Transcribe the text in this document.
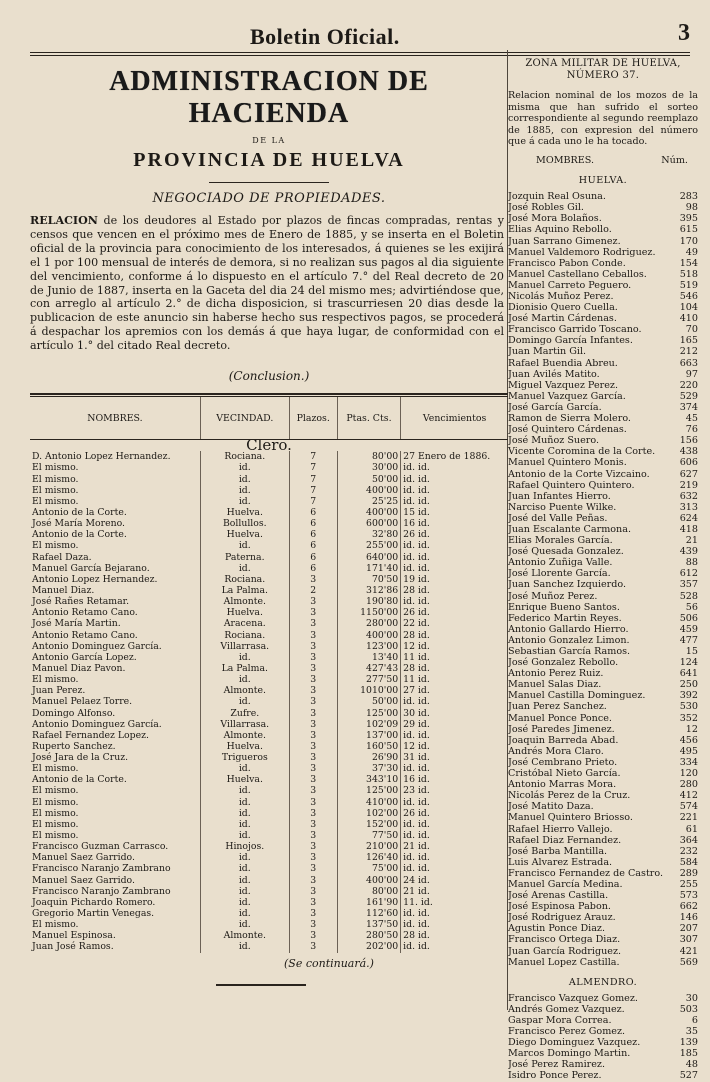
Boletin Oficial.	3
ADMINISTRACION DE HACIENDA
DE LA
PROVINCIA DE HUELVA
NEGOCIADO DE PROPIEDADES.
RELACION de los deudores al Estado por plazos de fincas compradas, rentas y censos que vencen en el próximo mes de Enero de 1885, y se inserta en el Boletin oficial de la provincia para conocimiento de los interesados, á quienes se les exijirá el 1 por 100 mensual de interés de demora, si no realizan sus pagos al dia siguiente del vencimiento, conforme á lo dispuesto en el artículo 7.° del Real decreto de 20 de Junio de 1887, inserta en la Gaceta del dia 24 del mismo mes; advirtiéndose que, con arreglo al artículo 2.° de dicha disposicion, si trascurriesen 20 dias desde la publicacion de este anuncio sin haberse hecho sus respectivos pagos, se procederá á despachar los apremios con los demás á que haya lugar, de conformidad con el artículo 1.° del citado Real decreto.
(Conclusion.)
NOMBRES.	VECINDAD.	Plazos.	Ptas. Cts.	Vencimientos
Clero.				
D. Antonio Lopez Hernandez.	Rociana.	7	80'00	27 Enero de 1886.
El mismo.	id.	7	30'00	id. id.
El mismo.	id.	7	50'00	id. id.
El mismo.	id.	7	400'00	id. id.
El mismo.	id.	7	25'25	id. id.
Antonio de la Corte.	Huelva.	6	400'00	15 id.
José María Moreno.	Bollullos.	6	600'00	16 id.
Antonio de la Corte.	Huelva.	6	32'80	26 id.
El mismo.	id.	6	255'00	id. id.
Rafael Daza.	Paterna.	6	640'00	id. id.
Manuel García Bejarano.	id.	6	171'40	id. id.
Antonio Lopez Hernandez.	Rociana.	3	70'50	19 id.
Manuel Diaz.	La Palma.	2	312'86	28 id.
José Rañes Retamar.	Almonte.	3	190'80	id. id.
Antonio Retamo Cano.	Huelva.	3	1150'00	26 id.
José María Martin.	Aracena.	3	280'00	22 id.
Antonio Retamo Cano.	Rociana.	3	400'00	28 id.
Antonio Dominguez García.	Villarrasa.	3	123'00	12 id.
Antonio García Lopez.	id.	3	13'40	11 id.
Manuel Diaz Pavon.	La Palma.	3	427'43	28 id.
El mismo.	id.	3	277'50	11 id.
Juan Perez.	Almonte.	3	1010'00	27 id.
Manuel Pelaez Torre.	id.	3	50'00	id. id.
Domingo Alfonso.	Zufre.	3	125'00	30 id.
Antonio Dominguez García.	Villarrasa.	3	102'09	29 id.
Rafael Fernandez Lopez.	Almonte.	3	137'00	id. id.
Ruperto Sanchez.	Huelva.	3	160'50	12 id.
José Jara de la Cruz.	Trigueros	3	26'90	31 id.
El mismo.	id.	3	37'30	id. id.
Antonio de la Corte.	Huelva.	3	343'10	16 id.
El mismo.	id.	3	125'00	23 id.
El mismo.	id.	3	410'00	id. id.
El mismo.	id.	3	102'00	26 id.
El mismo.	id.	3	152'00	id. id.
El mismo.	id.	3	77'50	id. id.
Francisco Guzman Carrasco.	Hinojos.	3	210'00	21 id.
Manuel Saez Garrido.	id.	3	126'40	id. id.
Francisco Naranjo Zambrano	id.	3	75'00	id. id.
Manuel Saez Garrido.	id.	3	400'00	24 id.
Francisco Naranjo Zambrano	id.	3	80'00	21 id.
Joaquin Pichardo Romero.	id.	3	161'90	11. id.
Gregorio Martin Venegas.	id.	3	112'60	id. id.
El mismo.	id.	3	137'50	id. id.
Manuel Espinosa.	Almonte.	3	280'50	28 id.
Juan José Ramos.	id.	3	202'00	id. id.
(Se continuará.)
ZONA MILITAR DE HUELVA,
NÚMERO 37.
Relacion nominal de los mozos de la misma que han sufrido el sorteo correspondiente al segundo reemplazo de 1885, con expresion del número que á cada uno le ha tocado.
MOMBRES.	Núm.
HUELVA.
Jozquin Real Osuna.	283
José Robles Gil.	98
José Mora Bolaños.	395
Elias Aquino Rebollo.	615
Juan Sarrano Gimenez.	170
Manuel Valdemoro Rodriguez.	49
Francisco Pabon Conde.	154
Manuel Castellano Ceballos.	518
Manuel Carreto Peguero.	519
Nicolás Muñoz Perez.	546
Dionisio Quero Cuella.	104
José Martin Cárdenas.	410
Francisco Garrido Toscano.	70
Domingo García Infantes.	165
Juan Martin Gil.	212
Rafael Buendia Abreu.	663
Juan Avilés Matito.	97
Miguel Vazquez Perez.	220
Manuel Vazquez García.	529
José García García.	374
Ramon de Sierra Molero.	45
José Quintero Cárdenas.	76
José Muñoz Suero.	156
Vicente Coromina de la Corte.	438
Manuel Quintero Monis.	606
Antonio de la Corte Vizcaino.	627
Rafael Quintero Quintero.	219
Juan Infantes Hierro.	632
Narciso Puente Wilke.	313
José del Valle Peñas.	624
Juan Escalante Carmona.	418
Elias Morales García.	21
José Quesada Gonzalez.	439
Antonio Zuñiga Valle.	88
José Llorente García.	612
Juan Sanchez Izquierdo.	357
José Muñoz Perez.	528
Enrique Bueno Santos.	56
Federico Martin Reyes.	506
Antonio Gallardo Hierro.	459
Antonio Gonzalez Limon.	477
Sebastian García Ramos.	15
José Gonzalez Rebollo.	124
Antonio Perez Ruiz.	641
Manuel Salas Diaz.	250
Manuel Castilla Dominguez.	392
Juan Perez Sanchez.	530
Manuel Ponce Ponce.	352
José Paredes Jimenez.	12
Joaquin Barreda Abad.	456
Andrés Mora Claro.	495
José Cembrano Prieto.	334
Cristóbal Nieto García.	120
Antonio Marras Mora.	280
Nicolás Perez de la Cruz.	412
José Matito Daza.	574
Manuel Quintero Briosso.	221
Rafael Hierro Vallejo.	61
Rafael Diaz Fernandez.	364
José Barba Mantilla.	232
Luis Alvarez Estrada.	584
Francisco Fernandez de Castro.	289
Manuel García Medina.	255
José Arenas Castilla.	573
José Espinosa Pabon.	662
José Rodriguez Arauz.	146
Agustin Ponce Diaz.	207
Francisco Ortega Diaz.	307
Juan García Rodriguez.	421
Manuel Lopez Castilla.	569
ALMENDRO.
Francisco Vazquez Gomez.	30
Andrés Gomez Vazquez.	503
Gaspar Mora Correa.	6
Francisco Perez Gomez.	35
Diego Dominguez Vazquez.	139
Marcos Domingo Martin.	185
José Perez Ramirez.	48
Isidro Ponce Perez.	527
